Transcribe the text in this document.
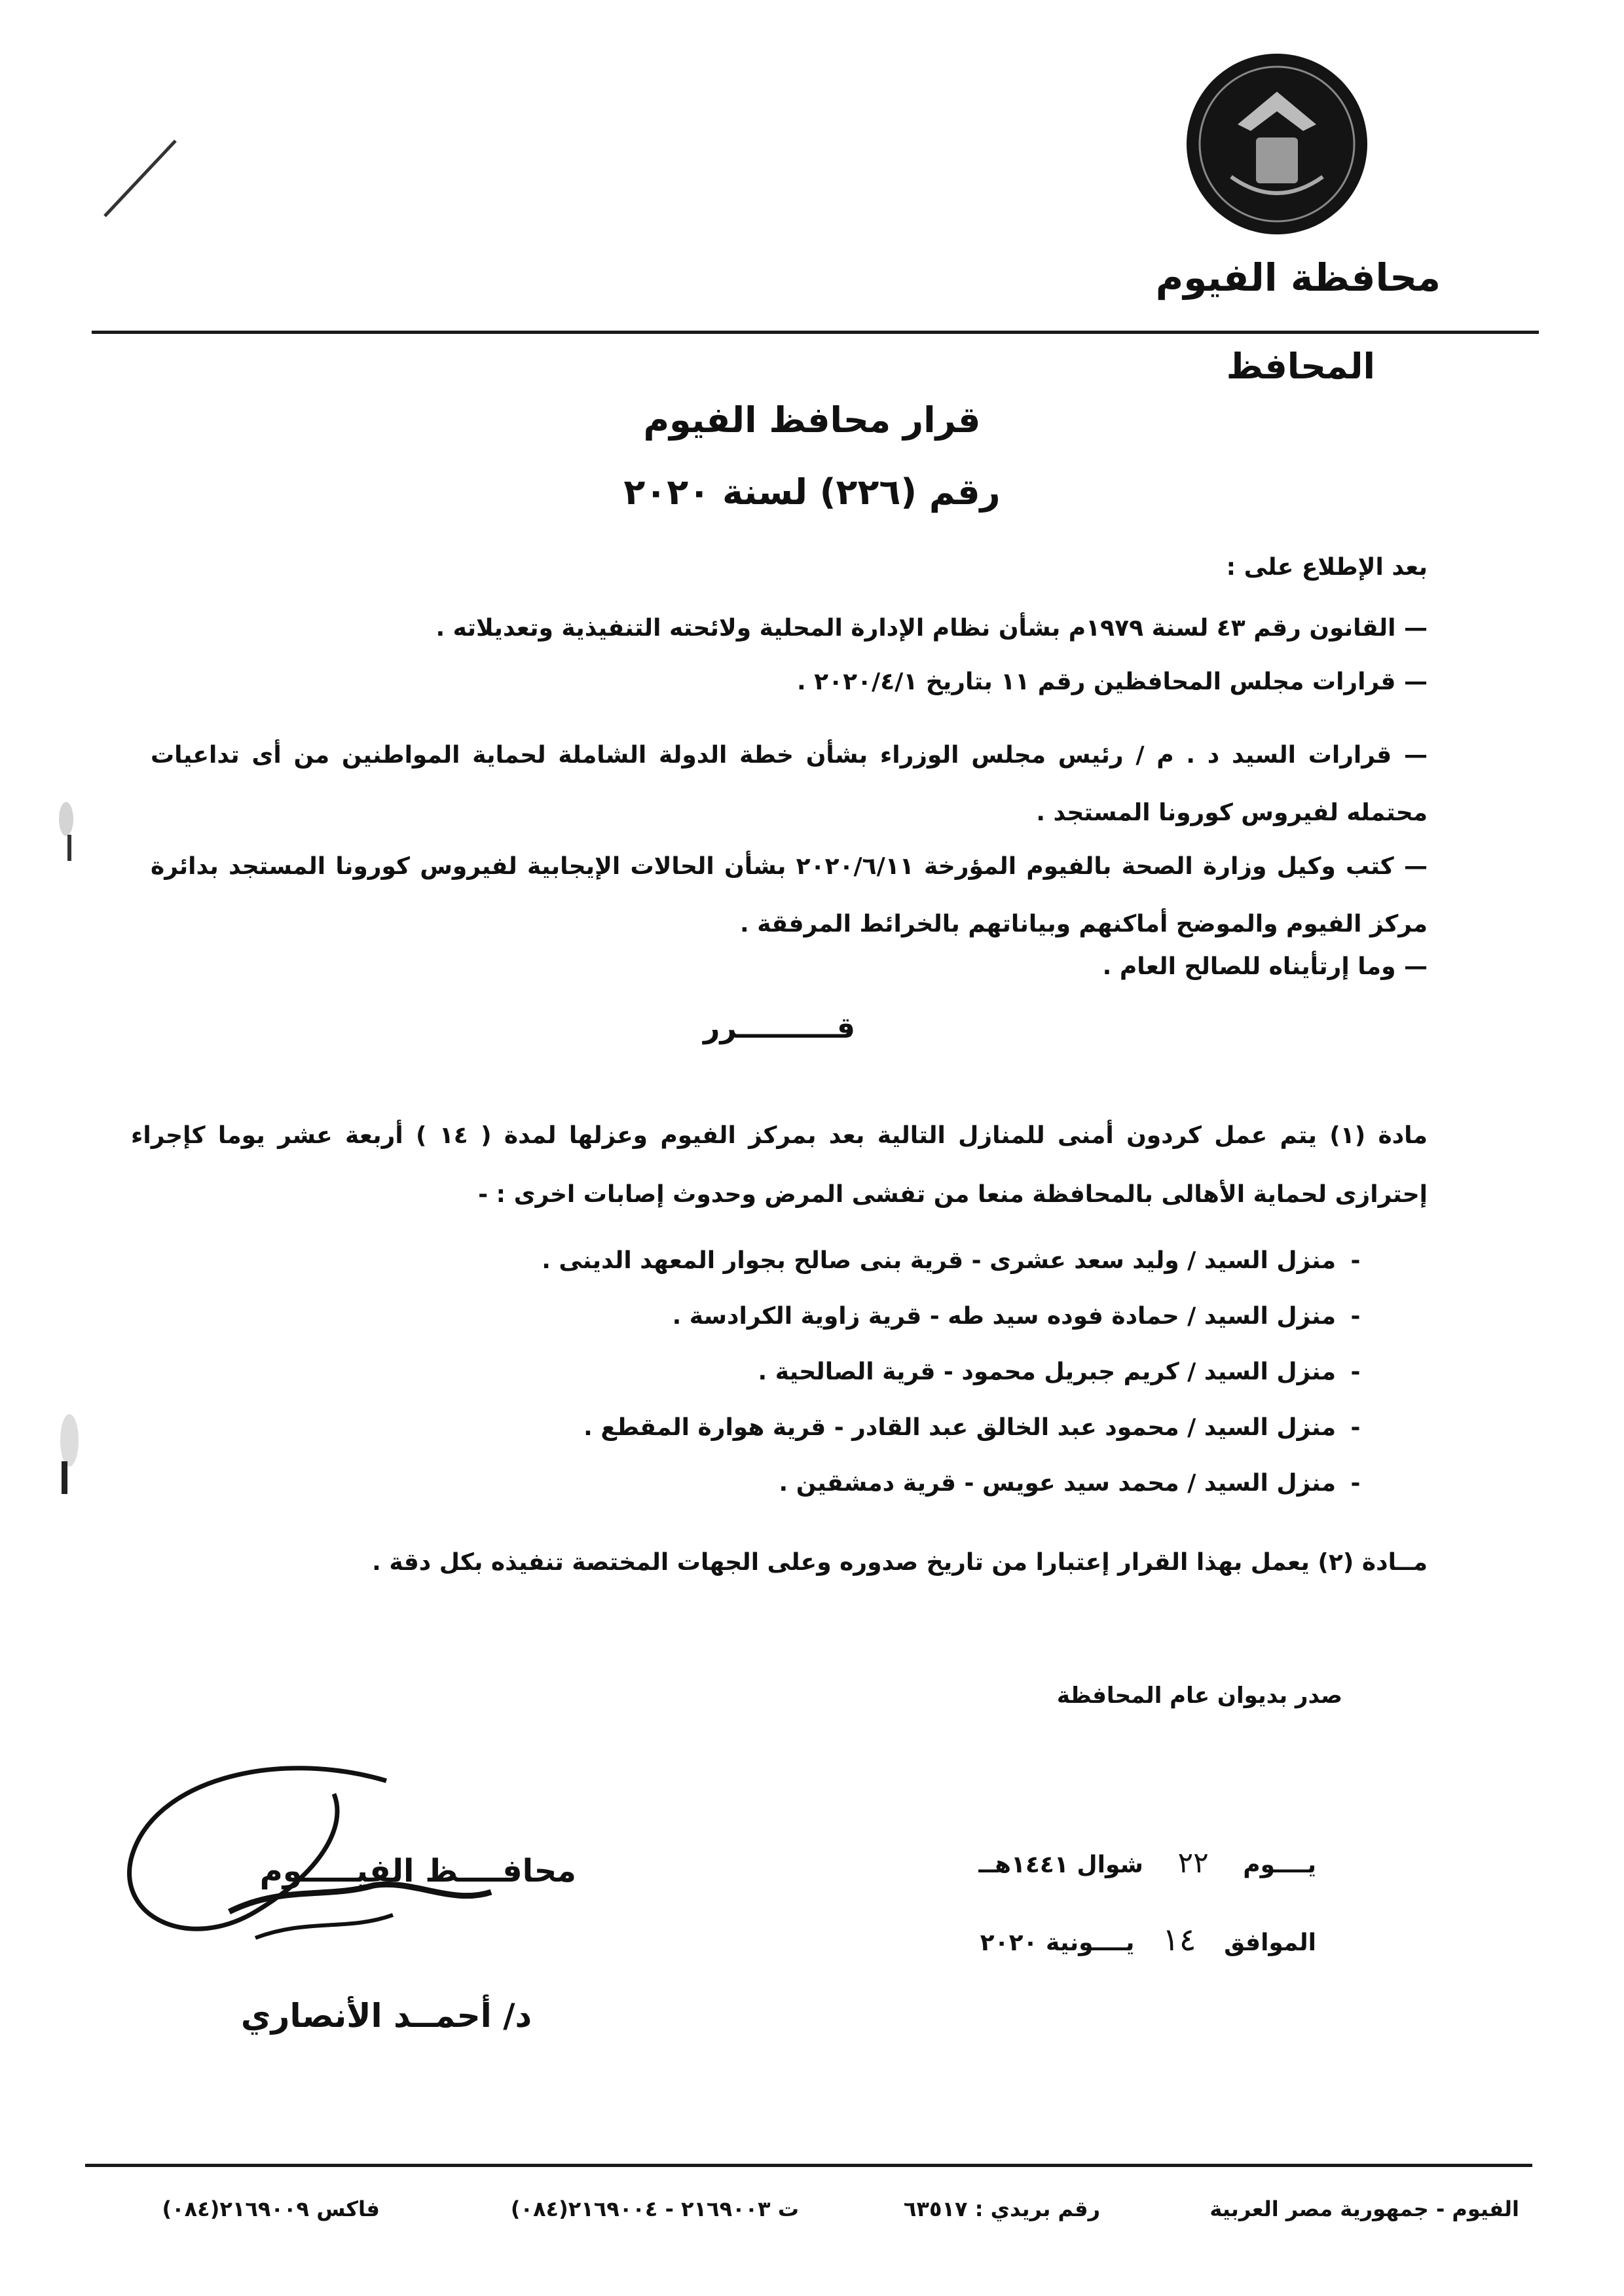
محافظة الفيوم
المحافظ
قرار محافظ الفيوم
رقم (٢٢٦) لسنة ٢٠٢٠
بعد الإطلاع على :
— القانون رقم ٤٣ لسنة ١٩٧٩م بشأن نظام الإدارة المحلية ولائحته التنفيذية وتعديلاته .
— قرارات مجلس المحافظين رقم ١١ بتاريخ ٢٠٢٠/٤/١ .
— قرارات السيد د . م / رئيس مجلس الوزراء بشأن خطة الدولة الشاملة لحماية المواطنين من أى تداعيات محتمله لفيروس كورونا المستجد .
— كتب وكيل وزارة الصحة بالفيوم المؤرخة ٢٠٢٠/٦/١١ بشأن الحالات الإيجابية لفيروس كورونا المستجد بدائرة مركز الفيوم والموضح أماكنهم وبياناتهم بالخرائط المرفقة .
— وما إرتأيناه للصالح العام .
قــــــــــرر
مادة (١) يتم عمل كردون أمنى للمنازل التالية بعد بمركز الفيوم وعزلها لمدة ( ١٤ ) أربعة عشر يوما كإجراء إحترازى لحماية الأهالى بالمحافظة منعا من تفشى المرض وحدوث إصابات اخرى : -
-منزل السيد / وليد سعد عشرى - قرية بنى صالح بجوار المعهد الدينى .
-منزل السيد / حمادة فوده سيد طه - قرية زاوية الكرادسة .
-منزل السيد / كريم جبريل محمود - قرية الصالحية .
-منزل السيد / محمود عبد الخالق عبد القادر - قرية هوارة المقطع .
-منزل السيد / محمد سيد عويس - قرية دمشقين .
مــادة (٢) يعمل بهذا القرار إعتبارا من تاريخ صدوره وعلى الجهات المختصة تنفيذه بكل دقة .
صدر بديوان عام المحافظة
يــــوم ٢٢ شوال ١٤٤١هــ
الموافق ١٤ يــــونية ٢٠٢٠
محافــــظ الفيـــــوم
د/ أحمــد الأنصاري
الفيوم - جمهورية مصر العربية
رقم بريدي : ٦٣٥١٧
ت ٢١٦٩٠٠٣ - ٢١٦٩٠٠٤(٠٨٤)
فاكس ٢١٦٩٠٠٩(٠٨٤)
